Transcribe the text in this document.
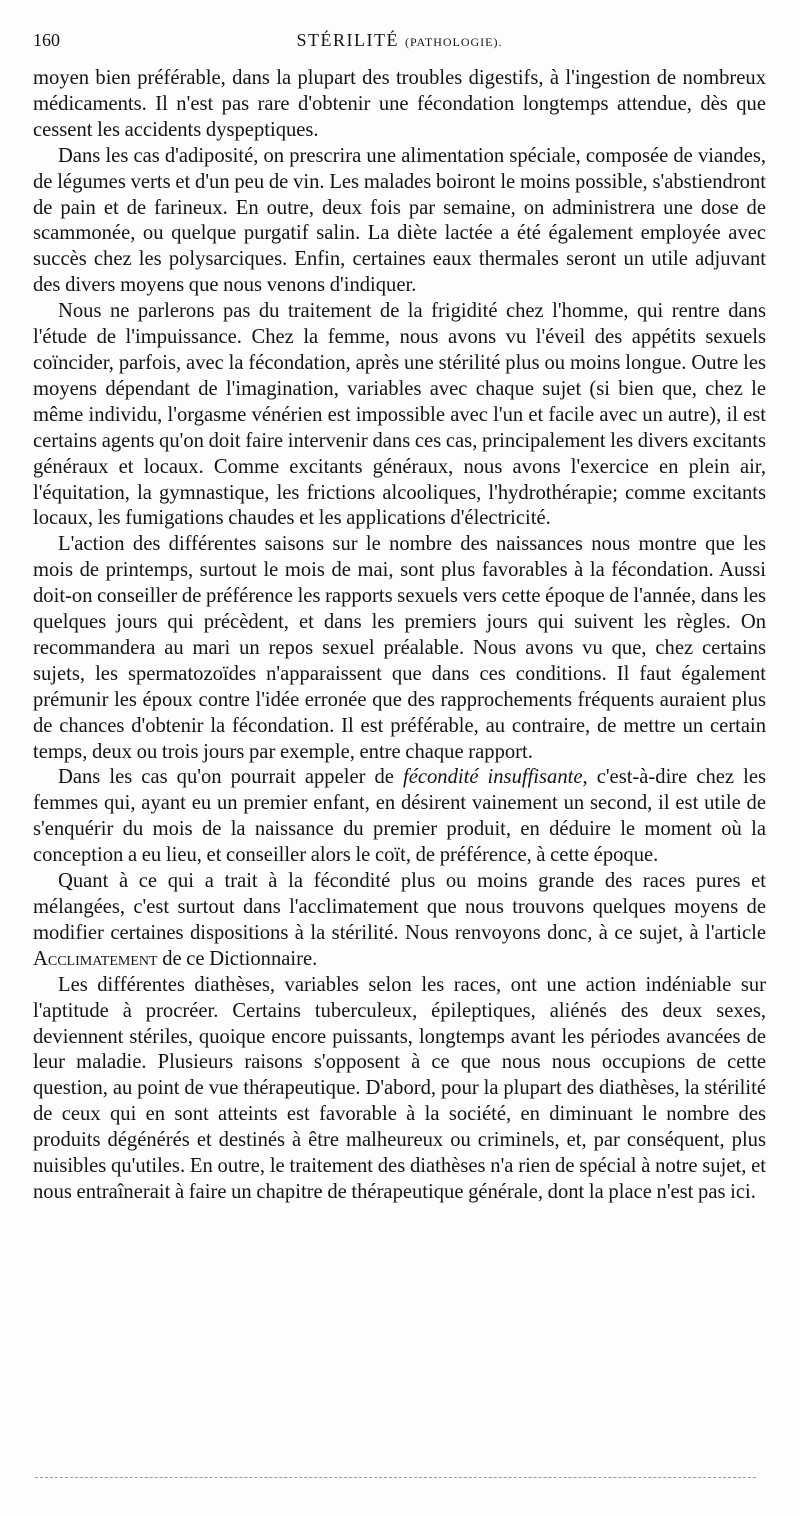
160	STÉRILITÉ (PATHOLOGIE).

moyen bien préférable, dans la plupart des troubles digestifs, à l'ingestion de nombreux médicaments. Il n'est pas rare d'obtenir une fécondation longtemps attendue, dès que cessent les accidents dyspeptiques.

Dans les cas d'adiposité, on prescrira une alimentation spéciale, composée de viandes, de légumes verts et d'un peu de vin. Les malades boiront le moins possible, s'abstiendront de pain et de farineux. En outre, deux fois par semaine, on administrera une dose de scammonée, ou quelque purgatif salin. La diète lactée a été également employée avec succès chez les polysarciques. Enfin, certaines eaux thermales seront un utile adjuvant des divers moyens que nous venons d'indiquer.

Nous ne parlerons pas du traitement de la frigidité chez l'homme, qui rentre dans l'étude de l'impuissance. Chez la femme, nous avons vu l'éveil des appétits sexuels coïncider, parfois, avec la fécondation, après une stérilité plus ou moins longue. Outre les moyens dépendant de l'imagination, variables avec chaque sujet (si bien que, chez le même individu, l'orgasme vénérien est impossible avec l'un et facile avec un autre), il est certains agents qu'on doit faire intervenir dans ces cas, principalement les divers excitants généraux et locaux. Comme excitants généraux, nous avons l'exercice en plein air, l'équitation, la gymnastique, les frictions alcooliques, l'hydrothérapie; comme excitants locaux, les fumigations chaudes et les applications d'électricité.

L'action des différentes saisons sur le nombre des naissances nous montre que les mois de printemps, surtout le mois de mai, sont plus favorables à la fécondation. Aussi doit-on conseiller de préférence les rapports sexuels vers cette époque de l'année, dans les quelques jours qui précèdent, et dans les premiers jours qui suivent les règles. On recommandera au mari un repos sexuel préalable. Nous avons vu que, chez certains sujets, les spermatozoïdes n'apparaissent que dans ces conditions. Il faut également prémunir les époux contre l'idée erronée que des rapprochements fréquents auraient plus de chances d'obtenir la fécondation. Il est préférable, au contraire, de mettre un certain temps, deux ou trois jours par exemple, entre chaque rapport.

Dans les cas qu'on pourrait appeler de fécondité insuffisante, c'est-à-dire chez les femmes qui, ayant eu un premier enfant, en désirent vainement un second, il est utile de s'enquérir du mois de la naissance du premier produit, en déduire le moment où la conception a eu lieu, et conseiller alors le coït, de préférence, à cette époque.

Quant à ce qui a trait à la fécondité plus ou moins grande des races pures et mélangées, c'est surtout dans l'acclimatement que nous trouvons quelques moyens de modifier certaines dispositions à la stérilité. Nous renvoyons donc, à ce sujet, à l'article Acclimatement de ce Dictionnaire.

Les différentes diathèses, variables selon les races, ont une action indéniable sur l'aptitude à procréer. Certains tuberculeux, épileptiques, aliénés des deux sexes, deviennent stériles, quoique encore puissants, longtemps avant les périodes avancées de leur maladie. Plusieurs raisons s'opposent à ce que nous nous occupions de cette question, au point de vue thérapeutique. D'abord, pour la plupart des diathèses, la stérilité de ceux qui en sont atteints est favorable à la société, en diminuant le nombre des produits dégénérés et destinés à être malheureux ou criminels, et, par conséquent, plus nuisibles qu'utiles. En outre, le traitement des diathèses n'a rien de spécial à notre sujet, et nous entraînerait à faire un chapitre de thérapeutique générale, dont la place n'est pas ici.
